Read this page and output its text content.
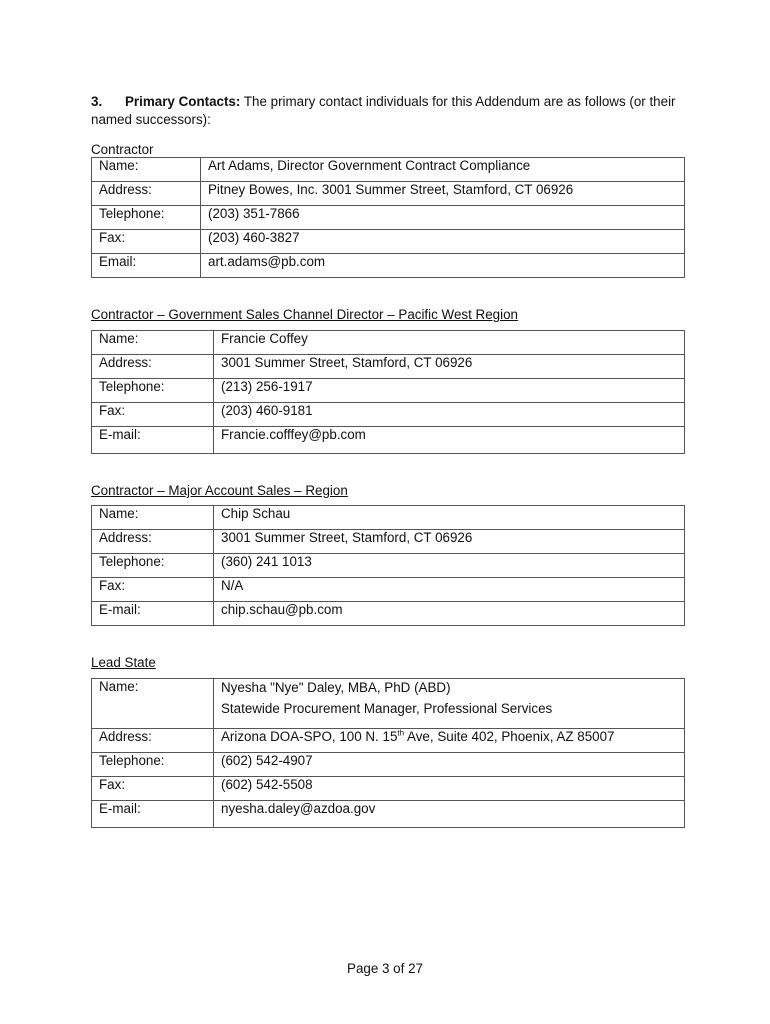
3. Primary Contacts: The primary contact individuals for this Addendum are as follows (or their named successors):
Contractor
Name:	Art Adams, Director Government Contract Compliance
Address:	Pitney Bowes, Inc. 3001 Summer Street, Stamford, CT 06926
Telephone:	(203) 351-7866
Fax:	(203) 460-3827
Email:	art.adams@pb.com
Contractor – Government Sales Channel Director – Pacific West Region
Name:	Francie Coffey
Address:	3001 Summer Street, Stamford, CT 06926
Telephone:	(213) 256-1917
Fax:	(203) 460-9181
E-mail:	Francie.cofffey@pb.com
Contractor – Major Account Sales – Region
Name:	Chip Schau
Address:	3001 Summer Street, Stamford, CT 06926
Telephone:	(360) 241 1013
Fax:	N/A
E-mail:	chip.schau@pb.com
Lead State
Name:	Nyesha "Nye" Daley, MBA, PhD (ABD)
Statewide Procurement Manager, Professional Services

Address:	Arizona DOA-SPO, 100 N. 15th Ave, Suite 402, Phoenix, AZ 85007
Telephone:	(602) 542-4907
Fax:	(602) 542-5508
E-mail:	nyesha.daley@azdoa.gov
Page 3 of 27
